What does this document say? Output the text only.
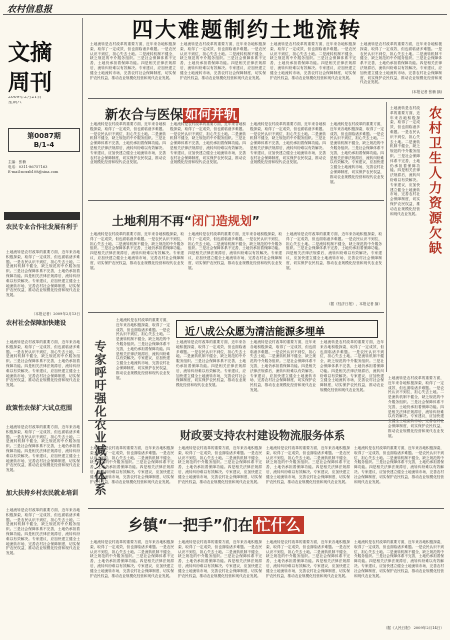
农村信息报
文摘
周刊
2009年2月21日
星期六
第0087期
B/1-4
主编：张楠
电话：0311-86757163
E-mail:ncxxb108@sina.com
农民专业合作社发展有利于
土地流转是农村改革的重要方面，近年来各地积极探索，取得了一定成效，但也面临诸多难题。一是农民认识不到位，担心失去土地。二是流转机制不健全，缺乏规范的中介服务组织。三是社会保障体系不完善，土地仍承担着保障功能。四是相关法律法规滞后，流转纠纷难以有效解决。专家建议，应加快建立健全土地流转市场，完善农村社会保障制度，切实保护农民权益，推动农业规模化经营和现代农业发展。
（本报记者）2009年2月13日
农村社会保障加快建设
土地流转是农村改革的重要方面，近年来各地积极探索，取得了一定成效，但也面临诸多难题。一是农民认识不到位，担心失去土地。二是流转机制不健全，缺乏规范的中介服务组织。三是社会保障体系不完善，土地仍承担着保障功能。四是相关法律法规滞后，流转纠纷难以有效解决。专家建议，应加快建立健全土地流转市场，完善农村社会保障制度，切实保护农民权益，推动农业规模化经营和现代农业发展。
政策性农保扩大试点范围
土地流转是农村改革的重要方面，近年来各地积极探索，取得了一定成效，但也面临诸多难题。一是农民认识不到位，担心失去土地。二是流转机制不健全，缺乏规范的中介服务组织。三是社会保障体系不完善，土地仍承担着保障功能。四是相关法律法规滞后，流转纠纷难以有效解决。专家建议，应加快建立健全土地流转市场，完善农村社会保障制度，切实保护农民权益，推动农业规模化经营和现代农业发展。
加大扶持乡村农民就业培训
土地流转是农村改革的重要方面，近年来各地积极探索，取得了一定成效，但也面临诸多难题。一是农民认识不到位，担心失去土地。二是流转机制不健全，缺乏规范的中介服务组织。三是社会保障体系不完善，土地仍承担着保障功能。四是相关法律法规滞后，流转纠纷难以有效解决。专家建议，应加快建立健全土地流转市场，完善农村社会保障制度，切实保护农民权益，推动农业规模化经营和现代农业发展。
四大难题制约土地流转
土地流转是农村改革的重要方面，近年来各地积极探索，取得了一定成效，但也面临诸多难题。一是农民认识不到位，担心失去土地。二是流转机制不健全，缺乏规范的中介服务组织。三是社会保障体系不完善，土地仍承担着保障功能。四是相关法律法规滞后，流转纠纷难以有效解决。专家建议，应加快建立健全土地流转市场，完善农村社会保障制度，切实保护农民权益，推动农业规模化经营和现代农业发展。
土地流转是农村改革的重要方面，近年来各地积极探索，取得了一定成效，但也面临诸多难题。一是农民认识不到位，担心失去土地。二是流转机制不健全，缺乏规范的中介服务组织。三是社会保障体系不完善，土地仍承担着保障功能。四是相关法律法规滞后，流转纠纷难以有效解决。专家建议，应加快建立健全土地流转市场，完善农村社会保障制度，切实保护农民权益，推动农业规模化经营和现代农业发展。
土地流转是农村改革的重要方面，近年来各地积极探索，取得了一定成效，但也面临诸多难题。一是农民认识不到位，担心失去土地。二是流转机制不健全，缺乏规范的中介服务组织。三是社会保障体系不完善，土地仍承担着保障功能。四是相关法律法规滞后，流转纠纷难以有效解决。专家建议，应加快建立健全土地流转市场，完善农村社会保障制度，切实保护农民权益，推动农业规模化经营和现代农业发展。
土地流转是农村改革的重要方面，近年来各地积极探索，取得了一定成效，但也面临诸多难题。一是农民认识不到位，担心失去土地。二是流转机制不健全，缺乏规范的中介服务组织。三是社会保障体系不完善，土地仍承担着保障功能。四是相关法律法规滞后，流转纠纷难以有效解决。专家建议，应加快建立健全土地流转市场，完善农村社会保障制度，切实保护农民权益，推动农业规模化经营和现代农业发展。
(本报记者 张楠 摘)
新农合与医保 如何并轨
土地流转是农村改革的重要方面，近年来各地积极探索，取得了一定成效，但也面临诸多难题。一是农民认识不到位，担心失去土地。二是流转机制不健全，缺乏规范的中介服务组织。三是社会保障体系不完善，土地仍承担着保障功能。四是相关法律法规滞后，流转纠纷难以有效解决。专家建议，应加快建立健全土地流转市场，完善农村社会保障制度，切实保护农民权益，推动农业规模化经营和现代农业发展。
土地流转是农村改革的重要方面，近年来各地积极探索，取得了一定成效，但也面临诸多难题。一是农民认识不到位，担心失去土地。二是流转机制不健全，缺乏规范的中介服务组织。三是社会保障体系不完善，土地仍承担着保障功能。四是相关法律法规滞后，流转纠纷难以有效解决。专家建议，应加快建立健全土地流转市场，完善农村社会保障制度，切实保护农民权益，推动农业规模化经营和现代农业发展。
土地流转是农村改革的重要方面，近年来各地积极探索，取得了一定成效，但也面临诸多难题。一是农民认识不到位，担心失去土地。二是流转机制不健全，缺乏规范的中介服务组织。三是社会保障体系不完善，土地仍承担着保障功能。四是相关法律法规滞后，流转纠纷难以有效解决。专家建议，应加快建立健全土地流转市场，完善农村社会保障制度，切实保护农民权益，推动农业规模化经营和现代农业发展。
土地流转是农村改革的重要方面，近年来各地积极探索，取得了一定成效，但也面临诸多难题。一是农民认识不到位，担心失去土地。二是流转机制不健全，缺乏规范的中介服务组织。三是社会保障体系不完善，土地仍承担着保障功能。四是相关法律法规滞后，流转纠纷难以有效解决。专家建议，应加快建立健全土地流转市场，完善农村社会保障制度，切实保护农民权益，推动农业规模化经营和现代农业发展。	农村卫生人力资源欠缺
土地流转是农村改革的重要方面，近年来各地积极探索，取得了一定成效，但也面临诸多难题。一是农民认识不到位，担心失去土地。二是流转机制不健全，缺乏规范的中介服务组织。三是社会保障体系不完善，土地仍承担着保障功能。四是相关法律法规滞后，流转纠纷难以有效解决。专家建议，应加快建立健全土地流转市场，完善农村社会保障制度，切实保护农民权益，推动农业规模化经营和现代农业发展。
土地利用不再“闭门造规划”
土地流转是农村改革的重要方面，近年来各地积极探索，取得了一定成效，但也面临诸多难题。一是农民认识不到位，担心失去土地。二是流转机制不健全，缺乏规范的中介服务组织。三是社会保障体系不完善，土地仍承担着保障功能。四是相关法律法规滞后，流转纠纷难以有效解决。专家建议，应加快建立健全土地流转市场，完善农村社会保障制度，切实保护农民权益，推动农业规模化经营和现代农业发展。
土地流转是农村改革的重要方面，近年来各地积极探索，取得了一定成效，但也面临诸多难题。一是农民认识不到位，担心失去土地。二是流转机制不健全，缺乏规范的中介服务组织。三是社会保障体系不完善，土地仍承担着保障功能。四是相关法律法规滞后，流转纠纷难以有效解决。专家建议，应加快建立健全土地流转市场，完善农村社会保障制度，切实保护农民权益，推动农业规模化经营和现代农业发展。
土地流转是农村改革的重要方面，近年来各地积极探索，取得了一定成效，但也面临诸多难题。一是农民认识不到位，担心失去土地。二是流转机制不健全，缺乏规范的中介服务组织。三是社会保障体系不完善，土地仍承担着保障功能。四是相关法律法规滞后，流转纠纷难以有效解决。专家建议，应加快建立健全土地流转市场，完善农村社会保障制度，切实保护农民权益，推动农业规模化经营和现代农业发展。
（据《经济日报》，本报记者 摘）
专家呼吁强化农业减灾体系
土地流转是农村改革的重要方面，近年来各地积极探索，取得了一定成效，但也面临诸多难题。一是农民认识不到位，担心失去土地。二是流转机制不健全，缺乏规范的中介服务组织。三是社会保障体系不完善，土地仍承担着保障功能。四是相关法律法规滞后，流转纠纷难以有效解决。专家建议，应加快建立健全土地流转市场，完善农村社会保障制度，切实保护农民权益，推动农业规模化经营和现代农业发展。
近八成公众愿为清洁能源多埋单
土地流转是农村改革的重要方面，近年来各地积极探索，取得了一定成效，但也面临诸多难题。一是农民认识不到位，担心失去土地。二是流转机制不健全，缺乏规范的中介服务组织。三是社会保障体系不完善，土地仍承担着保障功能。四是相关法律法规滞后，流转纠纷难以有效解决。专家建议，应加快建立健全土地流转市场，完善农村社会保障制度，切实保护农民权益，推动农业规模化经营和现代农业发展。
土地流转是农村改革的重要方面，近年来各地积极探索，取得了一定成效，但也面临诸多难题。一是农民认识不到位，担心失去土地。二是流转机制不健全，缺乏规范的中介服务组织。三是社会保障体系不完善，土地仍承担着保障功能。四是相关法律法规滞后，流转纠纷难以有效解决。专家建议，应加快建立健全土地流转市场，完善农村社会保障制度，切实保护农民权益，推动农业规模化经营和现代农业发展。
土地流转是农村改革的重要方面，近年来各地积极探索，取得了一定成效，但也面临诸多难题。一是农民认识不到位，担心失去土地。二是流转机制不健全，缺乏规范的中介服务组织。三是社会保障体系不完善，土地仍承担着保障功能。四是相关法律法规滞后，流转纠纷难以有效解决。专家建议，应加快建立健全土地流转市场，完善农村社会保障制度，切实保护农民权益，推动农业规模化经营和现代农业发展。
土地流转是农村改革的重要方面，近年来各地积极探索，取得了一定成效，但也面临诸多难题。一是农民认识不到位，担心失去土地。二是流转机制不健全，缺乏规范的中介服务组织。三是社会保障体系不完善，土地仍承担着保障功能。四是相关法律法规滞后，流转纠纷难以有效解决。专家建议，应加快建立健全土地流转市场，完善农村社会保障制度，切实保护农民权益，推动农业规模化经营和现代农业发展。
财政要支持农村建设物流服务体系
土地流转是农村改革的重要方面，近年来各地积极探索，取得了一定成效，但也面临诸多难题。一是农民认识不到位，担心失去土地。二是流转机制不健全，缺乏规范的中介服务组织。三是社会保障体系不完善，土地仍承担着保障功能。四是相关法律法规滞后，流转纠纷难以有效解决。专家建议，应加快建立健全土地流转市场，完善农村社会保障制度，切实保护农民权益，推动农业规模化经营和现代农业发展。
土地流转是农村改革的重要方面，近年来各地积极探索，取得了一定成效，但也面临诸多难题。一是农民认识不到位，担心失去土地。二是流转机制不健全，缺乏规范的中介服务组织。三是社会保障体系不完善，土地仍承担着保障功能。四是相关法律法规滞后，流转纠纷难以有效解决。专家建议，应加快建立健全土地流转市场，完善农村社会保障制度，切实保护农民权益，推动农业规模化经营和现代农业发展。
土地流转是农村改革的重要方面，近年来各地积极探索，取得了一定成效，但也面临诸多难题。一是农民认识不到位，担心失去土地。二是流转机制不健全，缺乏规范的中介服务组织。三是社会保障体系不完善，土地仍承担着保障功能。四是相关法律法规滞后，流转纠纷难以有效解决。专家建议，应加快建立健全土地流转市场，完善农村社会保障制度，切实保护农民权益，推动农业规模化经营和现代农业发展。
土地流转是农村改革的重要方面，近年来各地积极探索，取得了一定成效，但也面临诸多难题。一是农民认识不到位，担心失去土地。二是流转机制不健全，缺乏规范的中介服务组织。三是社会保障体系不完善，土地仍承担着保障功能。四是相关法律法规滞后，流转纠纷难以有效解决。专家建议，应加快建立健全土地流转市场，完善农村社会保障制度，切实保护农民权益，推动农业规模化经营和现代农业发展。
乡镇“一把手”们在 忙什么
土地流转是农村改革的重要方面，近年来各地积极探索，取得了一定成效，但也面临诸多难题。一是农民认识不到位，担心失去土地。二是流转机制不健全，缺乏规范的中介服务组织。三是社会保障体系不完善，土地仍承担着保障功能。四是相关法律法规滞后，流转纠纷难以有效解决。专家建议，应加快建立健全土地流转市场，完善农村社会保障制度，切实保护农民权益，推动农业规模化经营和现代农业发展。
土地流转是农村改革的重要方面，近年来各地积极探索，取得了一定成效，但也面临诸多难题。一是农民认识不到位，担心失去土地。二是流转机制不健全，缺乏规范的中介服务组织。三是社会保障体系不完善，土地仍承担着保障功能。四是相关法律法规滞后，流转纠纷难以有效解决。专家建议，应加快建立健全土地流转市场，完善农村社会保障制度，切实保护农民权益，推动农业规模化经营和现代农业发展。
土地流转是农村改革的重要方面，近年来各地积极探索，取得了一定成效，但也面临诸多难题。一是农民认识不到位，担心失去土地。二是流转机制不健全，缺乏规范的中介服务组织。三是社会保障体系不完善，土地仍承担着保障功能。四是相关法律法规滞后，流转纠纷难以有效解决。专家建议，应加快建立健全土地流转市场，完善农村社会保障制度，切实保护农民权益，推动农业规模化经营和现代农业发展。
土地流转是农村改革的重要方面，近年来各地积极探索，取得了一定成效，但也面临诸多难题。一是农民认识不到位，担心失去土地。二是流转机制不健全，缺乏规范的中介服务组织。三是社会保障体系不完善，土地仍承担着保障功能。四是相关法律法规滞后，流转纠纷难以有效解决。专家建议，应加快建立健全土地流转市场，完善农村社会保障制度，切实保护农民权益，推动农业规模化经营和现代农业发展。
（据《人民日报》 2009年2月14日）
